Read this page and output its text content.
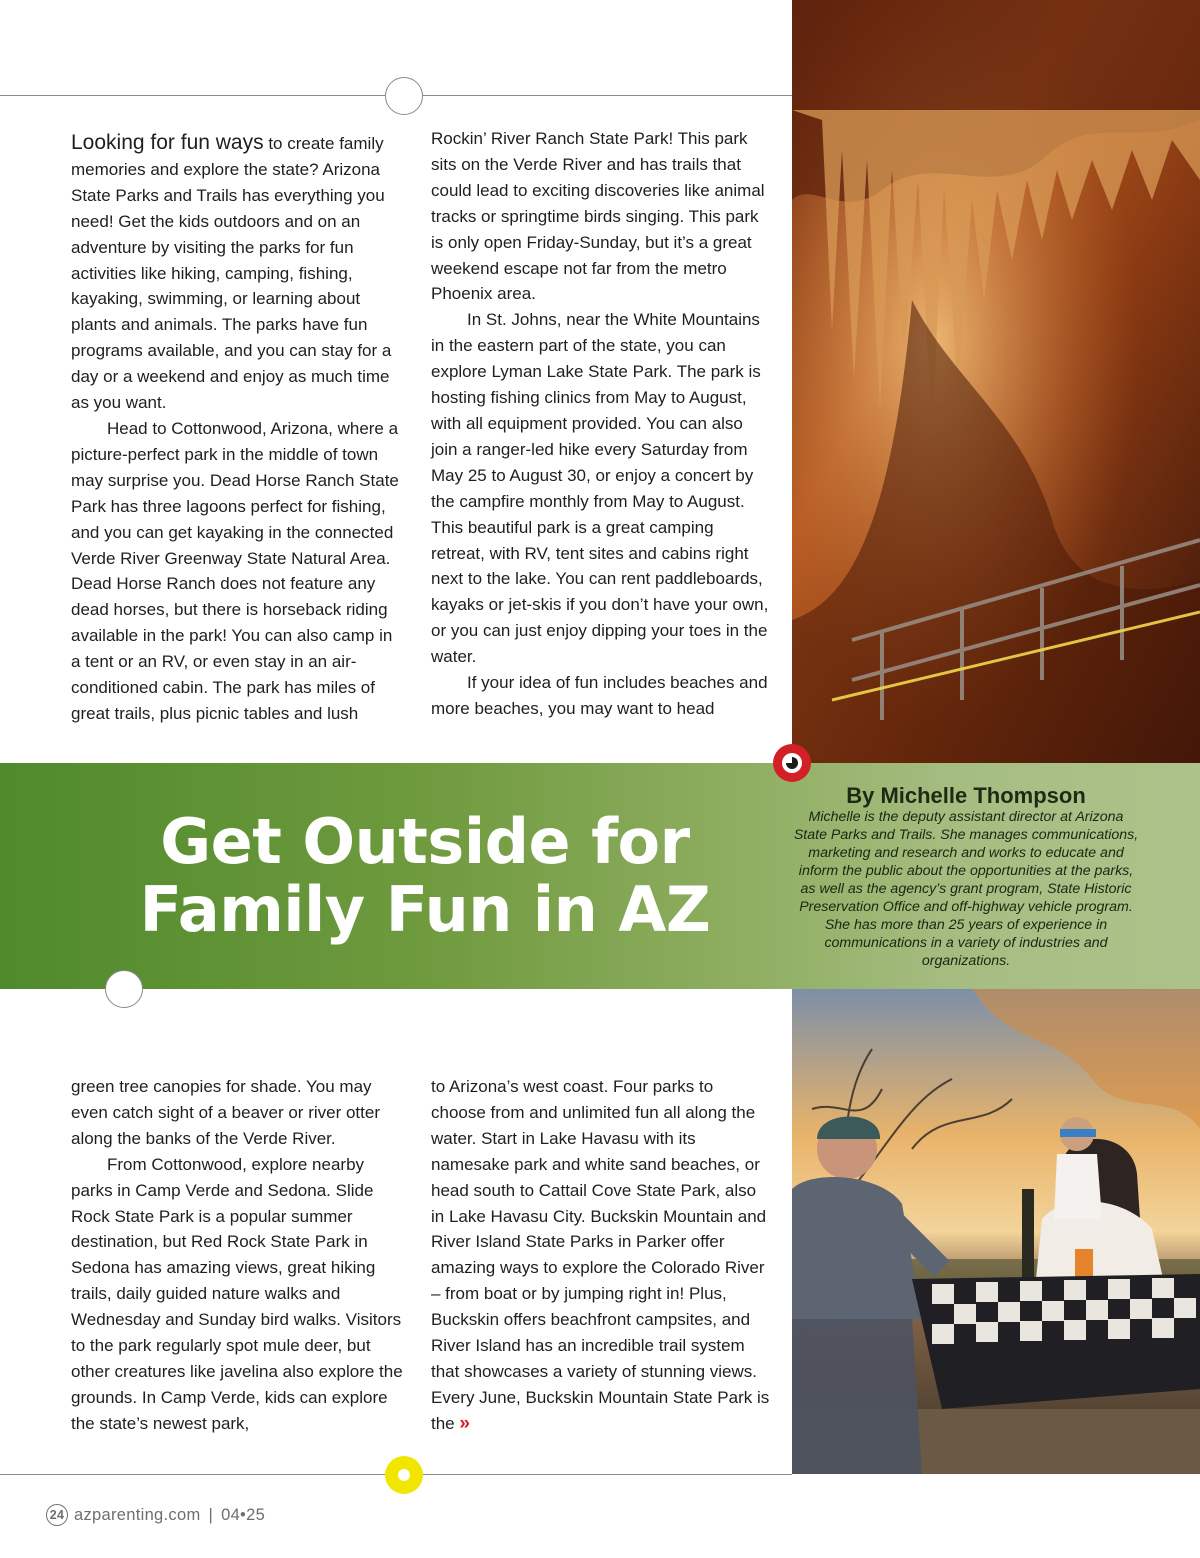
Looking for fun ways to create family memories and explore the state? Arizona State Parks and Trails has everything you need! Get the kids outdoors and on an adventure by visiting the parks for fun activities like hiking, camping, fishing, kayaking, swimming, or learning about plants and animals. The parks have fun programs available, and you can stay for a day or a weekend and enjoy as much time as you want.

Head to Cottonwood, Arizona, where a picture-perfect park in the middle of town may surprise you. Dead Horse Ranch State Park has three lagoons perfect for fishing, and you can get kayaking in the connected Verde River Greenway State Natural Area. Dead Horse Ranch does not feature any dead horses, but there is horseback riding available in the park! You can also camp in a tent or an RV, or even stay in an air-conditioned cabin. The park has miles of great trails, plus picnic tables and lush

Rockin’ River Ranch State Park! This park sits on the Verde River and has trails that could lead to exciting discoveries like animal tracks or springtime birds singing. This park is only open Friday-Sunday, but it’s a great weekend escape not far from the metro Phoenix area.

In St. Johns, near the White Mountains in the eastern part of the state, you can explore Lyman Lake State Park. The park is hosting fishing clinics from May to August, with all equipment provided. You can also join a ranger-led hike every Saturday from May 25 to August 30, or enjoy a concert by the campfire monthly from May to August. This beautiful park is a great camping retreat, with RV, tent sites and cabins right next to the lake. You can rent paddleboards, kayaks or jet-skis if you don’t have your own, or you can just enjoy dipping your toes in the water.

If your idea of fun includes beaches and more beaches, you may want to head

Get Outside for
Family Fun in AZ
By Michelle Thompson
Michelle is the deputy assistant director at Arizona State Parks and Trails. She manages communications, marketing and research and works to educate and inform the public about the opportunities at the parks, as well as the agency’s grant program, State Historic Preservation Office and off-highway vehicle program. She has more than 25 years of experience in communications in a variety of industries and organizations.

green tree canopies for shade. You may even catch sight of a beaver or river otter along the banks of the Verde River.

From Cottonwood, explore nearby parks in Camp Verde and Sedona. Slide Rock State Park is a popular summer destination, but Red Rock State Park in Sedona has amazing views, great hiking trails, daily guided nature walks and Wednesday and Sunday bird walks. Visitors to the park regularly spot mule deer, but other creatures like javelina also explore the grounds. In Camp Verde, kids can explore the state’s newest park,

to Arizona’s west coast. Four parks to choose from and unlimited fun all along the water. Start in Lake Havasu with its namesake park and white sand beaches, or head south to Cattail Cove State Park, also in Lake Havasu City. Buckskin Mountain and River Island State Parks in Parker offer amazing ways to explore the Colorado River – from boat or by jumping right in! Plus, Buckskin offers beachfront campsites, and River Island has an incredible trail system that showcases a variety of stunning views. Every June, Buckskin Mountain State Park is the »

24 azparenting.com | 04•25
